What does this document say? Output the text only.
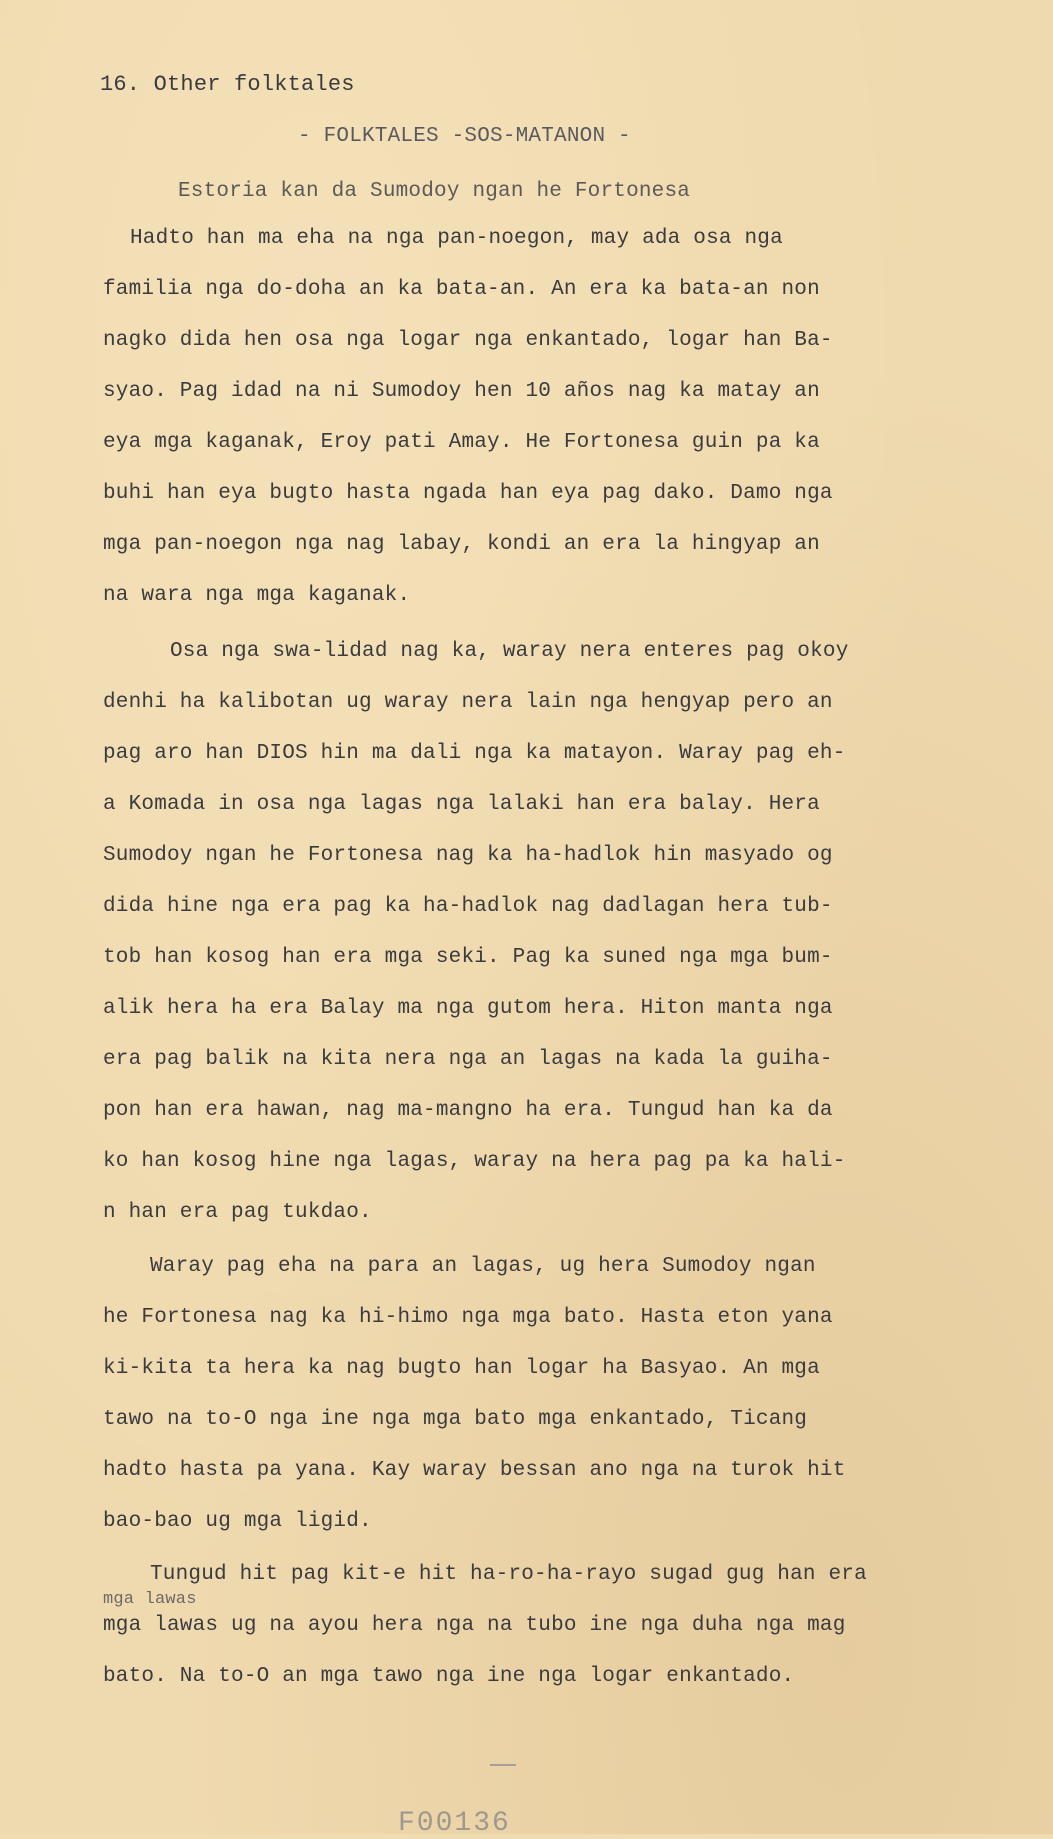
16. Other folktales
- FOLKTALES -SOS-MATANON -
Estoria kan da Sumodoy ngan he Fortonesa
Hadto han ma eha na nga pan-noegon, may ada osa nga
familia nga do-doha an ka bata-an. An era ka bata-an non
nagko dida hen osa nga logar nga enkantado, logar han Ba-
syao. Pag idad na ni Sumodoy hen 10 años nag ka matay an
eya mga kaganak, Eroy pati Amay. He Fortonesa guin pa ka
buhi han eya bugto hasta ngada han eya pag dako. Damo nga
mga pan-noegon nga nag labay, kondi an era la hingyap an
na wara nga mga kaganak.
Osa nga swa-lidad nag ka, waray nera enteres pag okoy
denhi ha kalibotan ug waray nera lain nga hengyap pero an
pag aro han DIOS hin ma dali nga ka matayon. Waray pag eh-
a Komada in osa nga lagas nga lalaki han era balay. Hera
Sumodoy ngan he Fortonesa nag ka ha-hadlok hin masyado og
dida hine nga era pag ka ha-hadlok nag dadlagan hera tub-
tob han kosog han era mga seki. Pag ka suned nga mga bum-
alik hera ha era Balay ma nga gutom hera. Hiton manta nga
era pag balik na kita nera nga an lagas na kada la guiha-
pon han era hawan, nag ma-mangno ha era. Tungud han ka da
ko han kosog hine nga lagas, waray na hera pag pa ka hali-
n han era pag tukdao.
Waray pag eha na para an lagas, ug hera Sumodoy ngan
he Fortonesa nag ka hi-himo nga mga bato. Hasta eton yana
ki-kita ta hera ka nag bugto han logar ha Basyao. An mga
tawo na to-O nga ine nga mga bato mga enkantado, Ticang
hadto hasta pa yana. Kay waray bessan ano nga na turok hit
bao-bao ug mga ligid.
Tungud hit pag kit-e hit ha-ro-ha-rayo sugad gug han era
mga lawas
mga lawas ug na ayou hera nga na tubo ine nga duha nga mag
bato. Na to-O an mga tawo nga ine nga logar enkantado.
F00136
